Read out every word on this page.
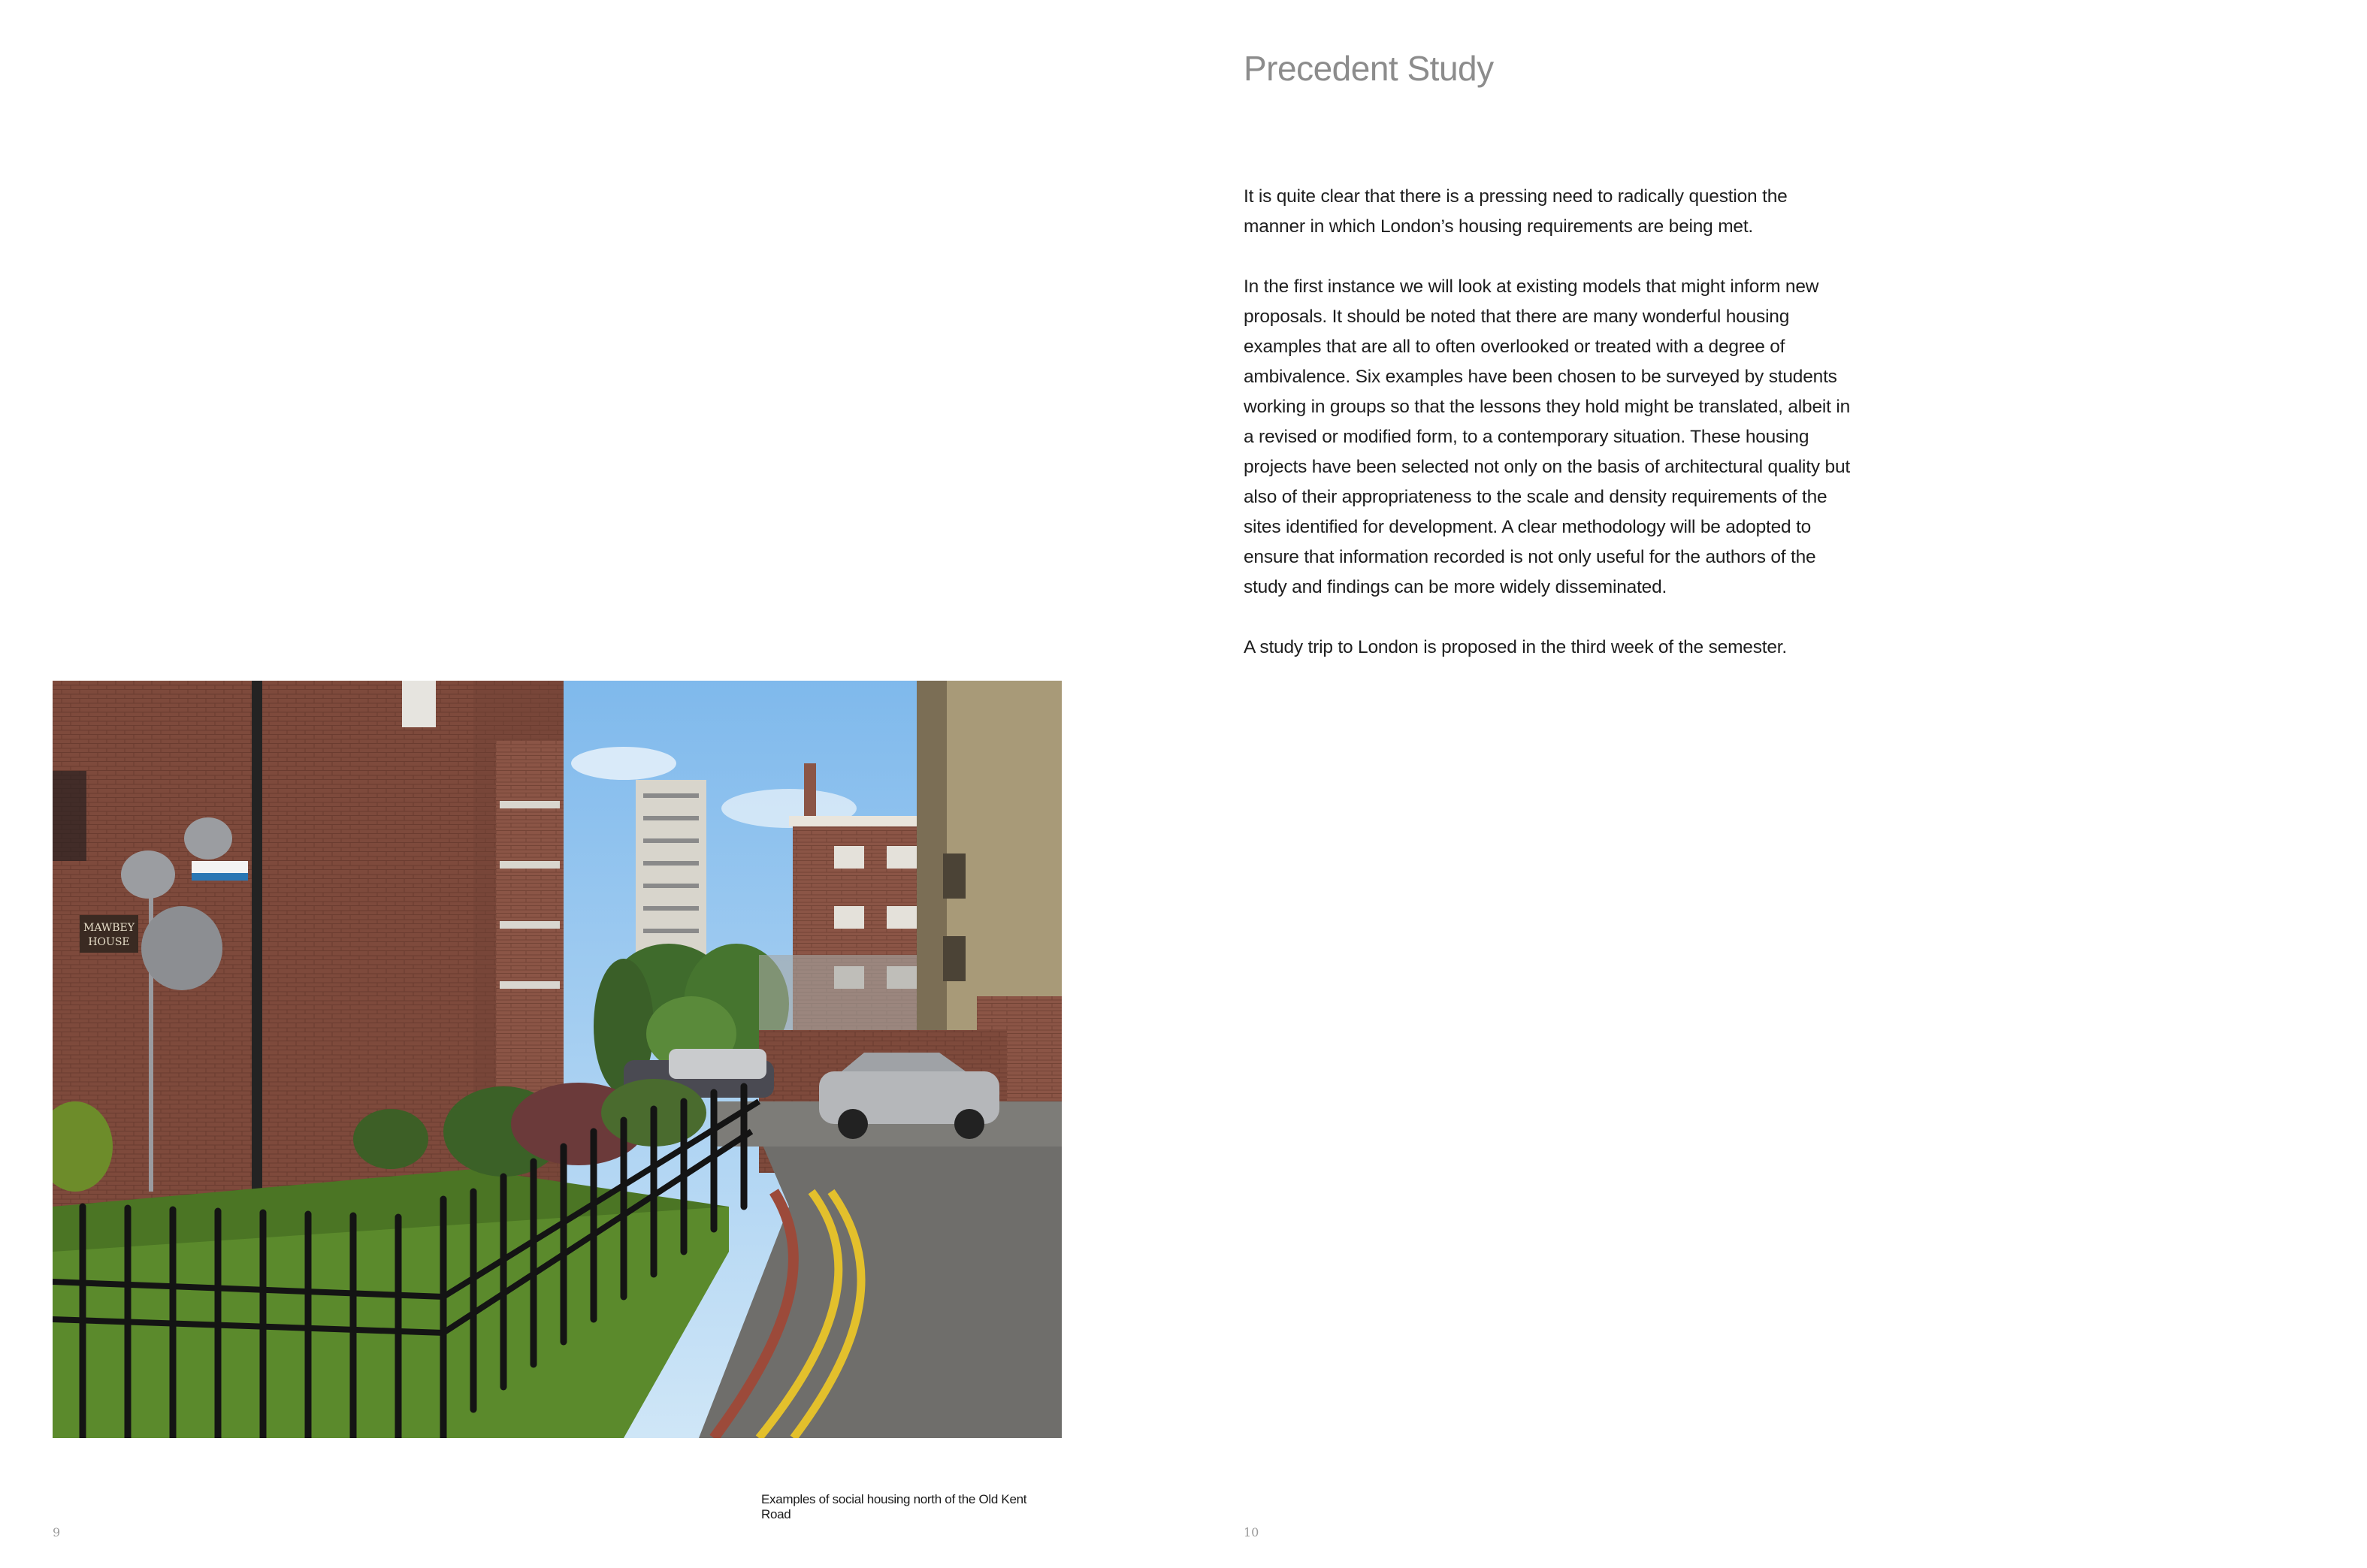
MAWBEY
HOUSE
Examples of social housing north of the Old Kent Road
9
Precedent Study

It is quite clear that there is a pressing need to radically question the manner in which London’s housing requirements are being met.

In the first instance we will look at existing models that might inform new proposals. It should be noted that there are many wonderful housing examples that are all to often overlooked or treated with a degree of ambivalence. Six examples have been chosen to be surveyed by students working in groups so that the lessons they hold might be translated, albeit in a revised or modified form, to a contemporary situation. These housing projects have been selected not only on the basis of architectural quality but also of their appropriateness to the scale and density requirements of the sites identified for development. A clear methodology will be adopted to ensure that information recorded is not only useful for the authors of the study and findings can be more widely disseminated.

A study trip to London is proposed in the third week of the semester.

10
